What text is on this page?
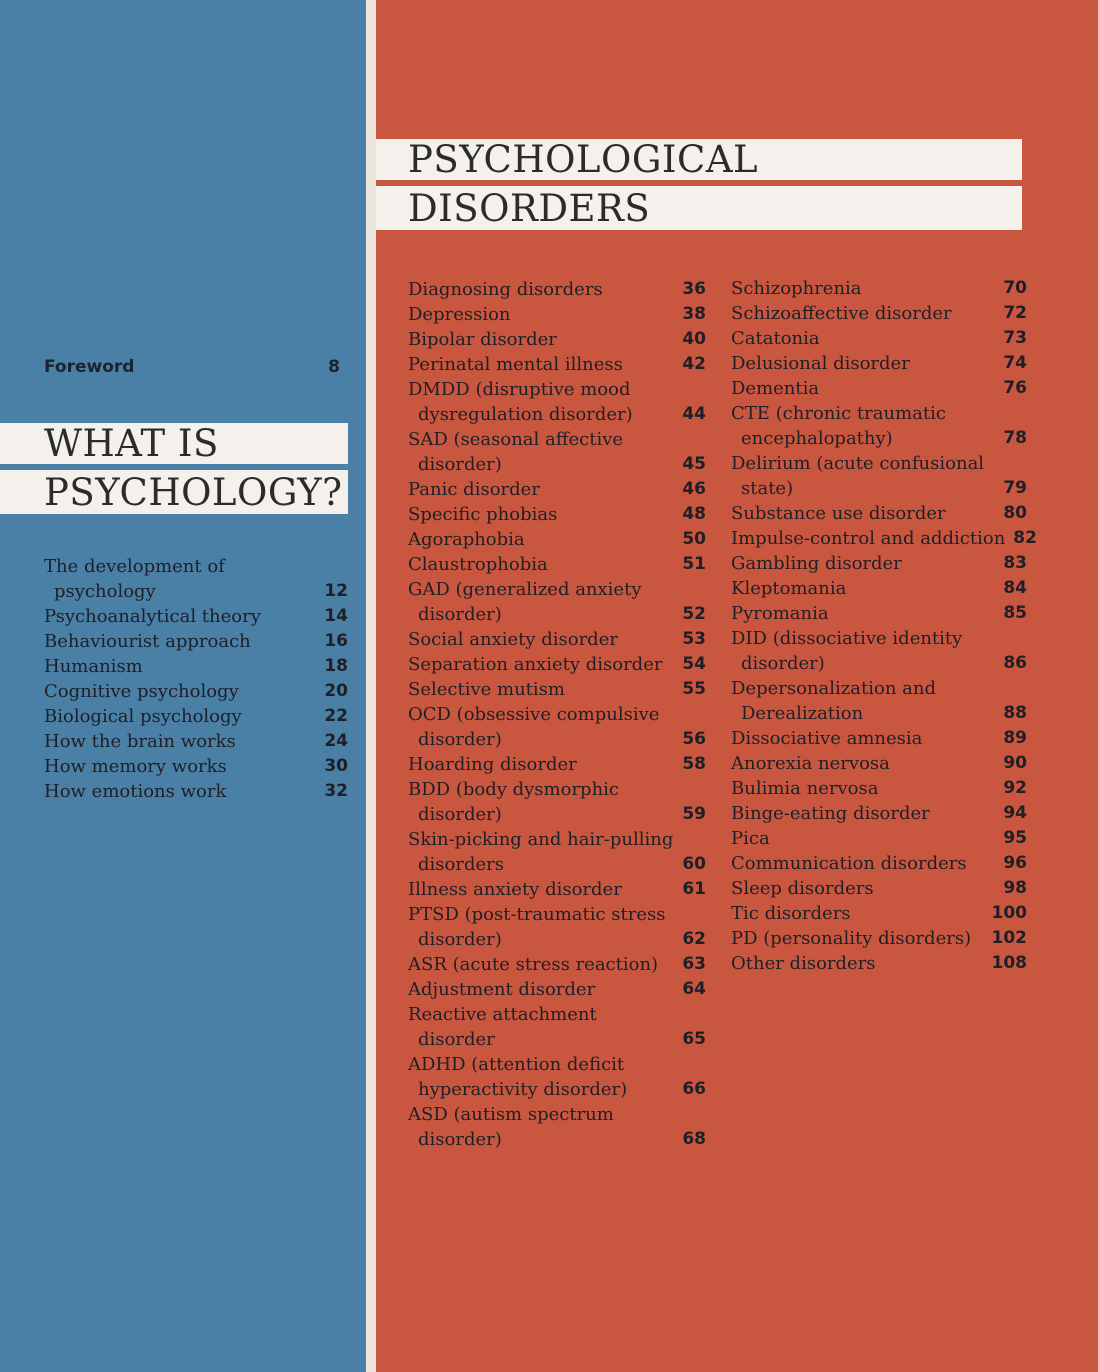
Foreword	8
WHAT IS
PSYCHOLOGY?
PSYCHOLOGICAL
DISORDERS
The development of
psychology	12
Psychoanalytical theory	14
Behaviourist approach	16
Humanism	18
Cognitive psychology	20
Biological psychology	22
How the brain works	24
How memory works	30
How emotions work	32
Diagnosing disorders	36
Depression	38
Bipolar disorder	40
Perinatal mental illness	42
DMDD (disruptive mood
dysregulation disorder)	44
SAD (seasonal affective
disorder)	45
Panic disorder	46
Specific phobias	48
Agoraphobia	50
Claustrophobia	51
GAD (generalized anxiety
disorder)	52
Social anxiety disorder	53
Separation anxiety disorder	54
Selective mutism	55
OCD (obsessive compulsive
disorder)	56
Hoarding disorder	58
BDD (body dysmorphic
disorder)	59
Skin-picking and hair-pulling
disorders	60
Illness anxiety disorder	61
PTSD (post-traumatic stress
disorder)	62
ASR (acute stress reaction)	63
Adjustment disorder	64
Reactive attachment
disorder	65
ADHD (attention deficit
hyperactivity disorder)	66
ASD (autism spectrum
disorder)	68
Schizophrenia	70
Schizoaffective disorder	72
Catatonia	73
Delusional disorder	74
Dementia	76
CTE (chronic traumatic
encephalopathy)	78
Delirium (acute confusional
state)	79
Substance use disorder	80
Impulse-control and addiction 82
Gambling disorder	83
Kleptomania	84
Pyromania	85
DID (dissociative identity
disorder)	86
Depersonalization and
Derealization	88
Dissociative amnesia	89
Anorexia nervosa	90
Bulimia nervosa	92
Binge-eating disorder	94
Pica	95
Communication disorders	96
Sleep disorders	98
Tic disorders	100
PD (personality disorders)	102
Other disorders	108
